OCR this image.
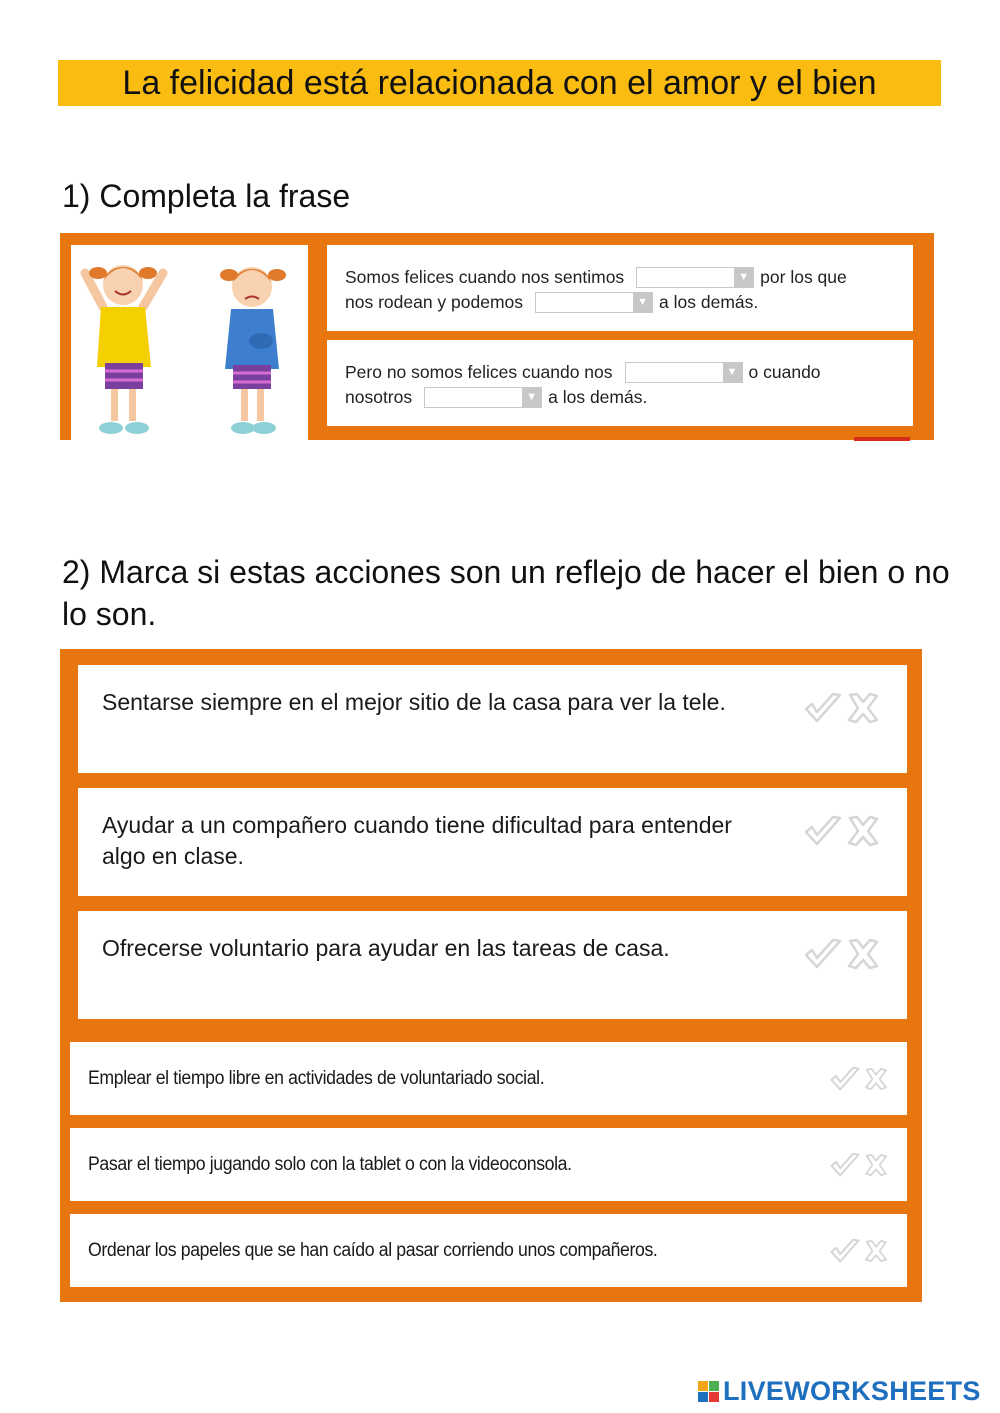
La felicidad está relacionada con el amor y el bien
1) Completa la frase
Somos felices cuando nos sentimos	▼ por los que
nos rodean y podemos	▼ a los demás.
Pero no somos felices cuando nos	▼ o cuando
nosotros	▼ a los demás.
2) Marca si estas acciones son un reflejo de hacer el bien o no lo son.
Sentarse siempre en el mejor sitio de la casa para ver la tele.
Ayudar a un compañero cuando tiene dificultad para entender algo en clase.
Ofrecerse voluntario para ayudar en las tareas de casa.
Emplear el tiempo libre en actividades de voluntariado social.
Pasar el tiempo jugando solo con la tablet o con la videoconsola.
Ordenar los papeles que se han caído al pasar corriendo unos compañeros.
LIVEWORKSHEETS
